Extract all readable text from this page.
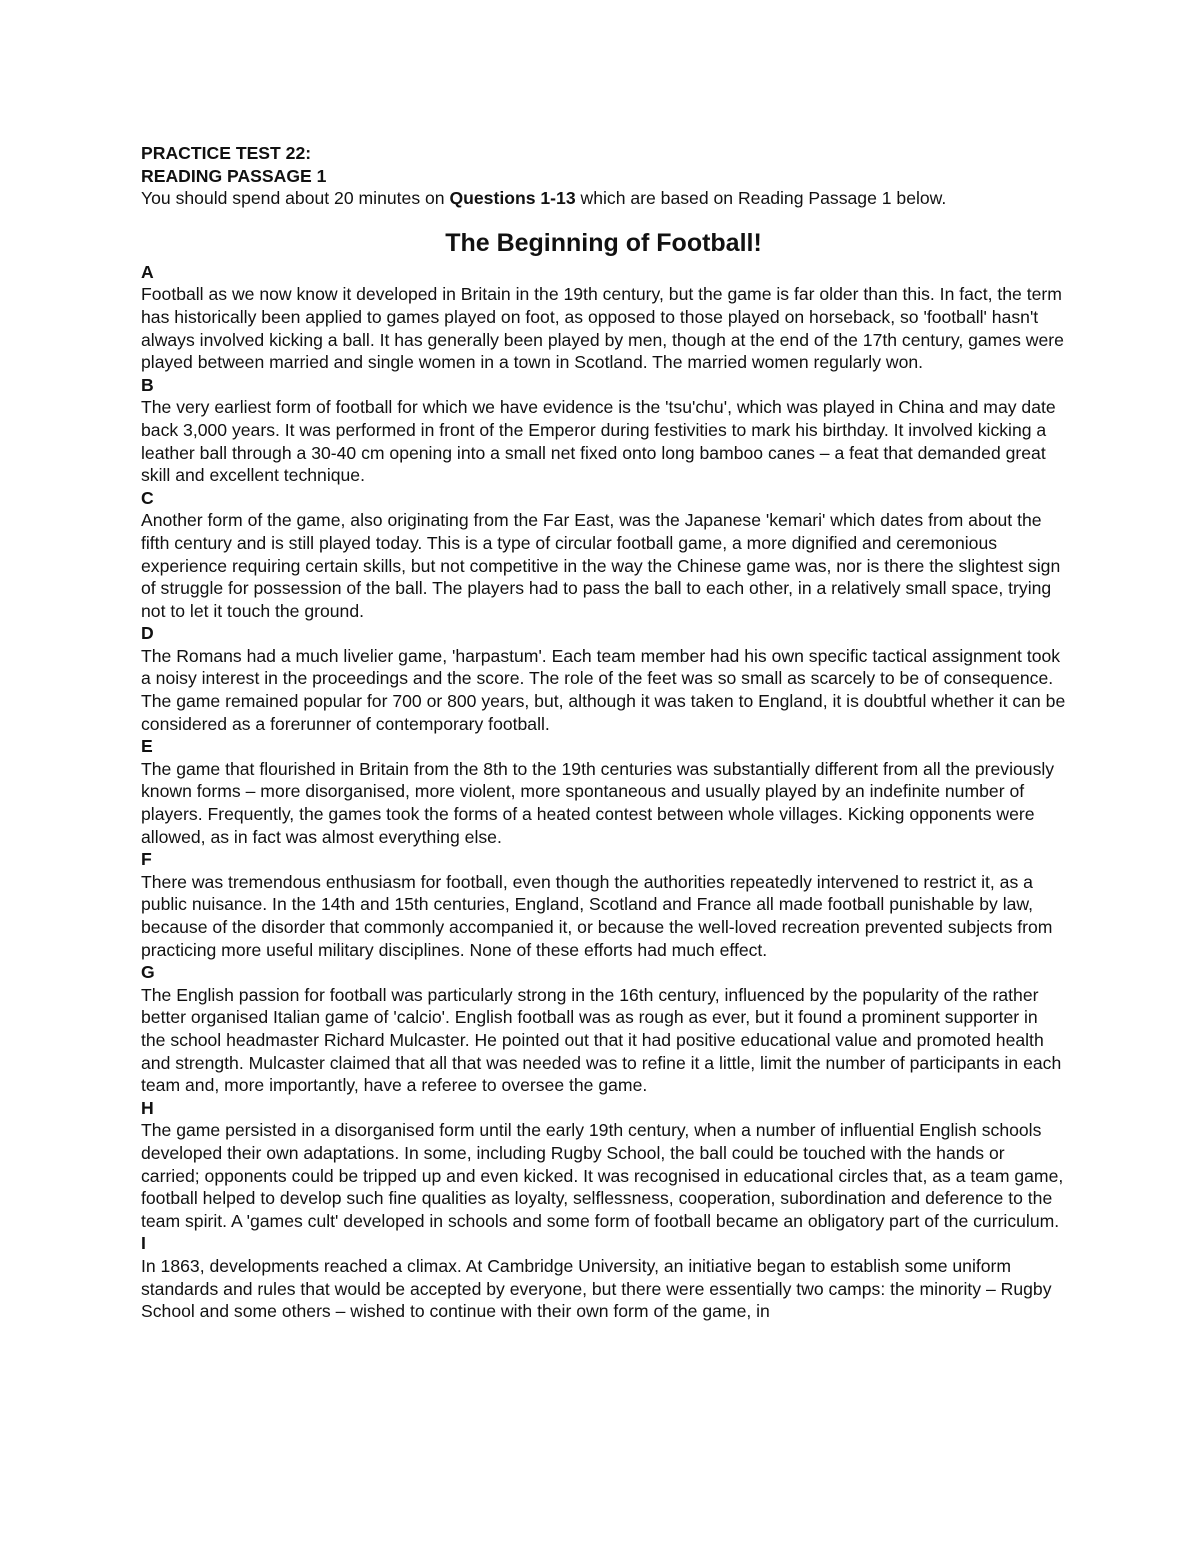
PRACTICE TEST 22:

READING PASSAGE 1

You should spend about 20 minutes on Questions 1-13 which are based on Reading Passage 1 below.

The Beginning of Football!

A

Football as we now know it developed in Britain in the 19th century, but the game is far older than this. In fact, the term has historically been applied to games played on foot, as opposed to those played on horseback, so 'football' hasn't always involved kicking a ball. It has generally been played by men, though at the end of the 17th century, games were played between married and single women in a town in Scotland. The married women regularly won.

B

The very earliest form of football for which we have evidence is the 'tsu'chu', which was played in China and may date back 3,000 years. It was performed in front of the Emperor during festivities to mark his birthday. It involved kicking a leather ball through a 30-40 cm opening into a small net fixed onto long bamboo canes – a feat that demanded great skill and excellent technique.

C

Another form of the game, also originating from the Far East, was the Japanese 'kemari' which dates from about the fifth century and is still played today. This is a type of circular football game, a more dignified and ceremonious experience requiring certain skills, but not competitive in the way the Chinese game was, nor is there the slightest sign of struggle for possession of the ball. The players had to pass the ball to each other, in a relatively small space, trying not to let it touch the ground.

D

The Romans had a much livelier game, 'harpastum'. Each team member had his own specific tactical assignment took a noisy interest in the proceedings and the score. The role of the feet was so small as scarcely to be of consequence. The game remained popular for 700 or 800 years, but, although it was taken to England, it is doubtful whether it can be considered as a forerunner of contemporary football.

E

The game that flourished in Britain from the 8th to the 19th centuries was substantially different from all the previously known forms – more disorganised, more violent, more spontaneous and usually played by an indefinite number of players. Frequently, the games took the forms of a heated contest between whole villages. Kicking opponents were allowed, as in fact was almost everything else.

F

There was tremendous enthusiasm for football, even though the authorities repeatedly intervened to restrict it, as a public nuisance. In the 14th and 15th centuries, England, Scotland and France all made football punishable by law, because of the disorder that commonly accompanied it, or because the well-loved recreation prevented subjects from practicing more useful military disciplines. None of these efforts had much effect.

G

The English passion for football was particularly strong in the 16th century, influenced by the popularity of the rather better organised Italian game of 'calcio'. English football was as rough as ever, but it found a prominent supporter in the school headmaster Richard Mulcaster. He pointed out that it had positive educational value and promoted health and strength. Mulcaster claimed that all that was needed was to refine it a little, limit the number of participants in each team and, more importantly, have a referee to oversee the game.

H

The game persisted in a disorganised form until the early 19th century, when a number of influential English schools developed their own adaptations. In some, including Rugby School, the ball could be touched with the hands or carried; opponents could be tripped up and even kicked. It was recognised in educational circles that, as a team game, football helped to develop such fine qualities as loyalty, selflessness, cooperation, subordination and deference to the team spirit. A 'games cult' developed in schools and some form of football became an obligatory part of the curriculum.

I

In 1863, developments reached a climax. At Cambridge University, an initiative began to establish some uniform standards and rules that would be accepted by everyone, but there were essentially two camps: the minority – Rugby School and some others – wished to continue with their own form of the game, in
